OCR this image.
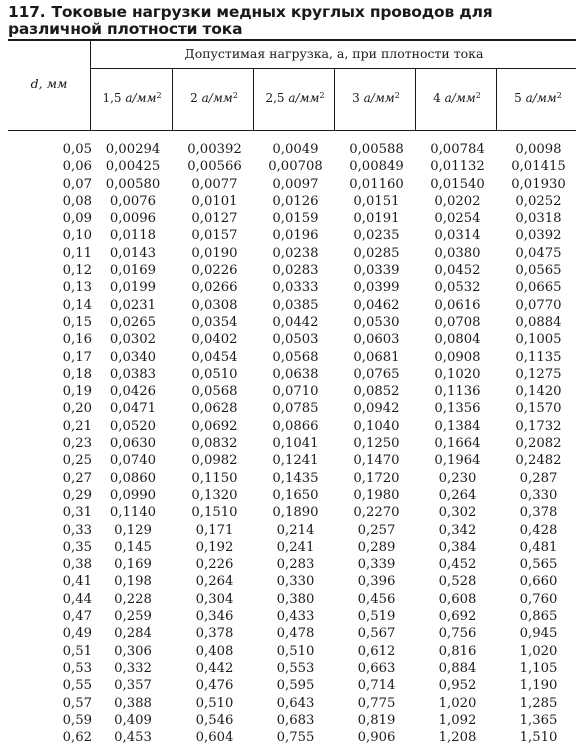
117. Токовые нагрузки медных круглых проводов для различной плотности тока
Допустимая нагрузка, а, при плотности тока
d, мм
1,5 $а/мм^2$	2 $а/мм^2$	2,5 $а/мм^2$	3 $а/мм^2$	4 $а/мм^2$	5 $а/мм^2$
0,05	0,00294	0,00392	0,0049	0,00588	0,00784	0,0098
0,06	0,00425	0,00566	0,00708	0,00849	0,01132	0,01415
0,07	0,00580	0,0077	0,0097	0,01160	0,01540	0,01930
0,08	0,0076	0,0101	0,0126	0,0151	0,0202	0,0252
0,09	0,0096	0,0127	0,0159	0,0191	0,0254	0,0318
0,10	0,0118	0,0157	0,0196	0,0235	0,0314	0,0392
0,11	0,0143	0,0190	0,0238	0,0285	0,0380	0,0475
0,12	0,0169	0,0226	0,0283	0,0339	0,0452	0,0565
0,13	0,0199	0,0266	0,0333	0,0399	0,0532	0,0665
0,14	0,0231	0,0308	0,0385	0,0462	0,0616	0,0770
0,15	0,0265	0,0354	0,0442	0,0530	0,0708	0,0884
0,16	0,0302	0,0402	0,0503	0,0603	0,0804	0,1005
0,17	0,0340	0,0454	0,0568	0,0681	0,0908	0,1135
0,18	0,0383	0,0510	0,0638	0,0765	0,1020	0,1275
0,19	0,0426	0,0568	0,0710	0,0852	0,1136	0,1420
0,20	0,0471	0,0628	0,0785	0,0942	0,1356	0,1570
0,21	0,0520	0,0692	0,0866	0,1040	0,1384	0,1732
0,23	0,0630	0,0832	0,1041	0,1250	0,1664	0,2082
0,25	0,0740	0,0982	0,1241	0,1470	0,1964	0,2482
0,27	0,0860	0,1150	0,1435	0,1720	0,230	0,287
0,29	0,0990	0,1320	0,1650	0,1980	0,264	0,330
0,31	0,1140	0,1510	0,1890	0,2270	0,302	0,378
0,33	0,129	0,171	0,214	0,257	0,342	0,428
0,35	0,145	0,192	0,241	0,289	0,384	0,481
0,38	0,169	0,226	0,283	0,339	0,452	0,565
0,41	0,198	0,264	0,330	0,396	0,528	0,660
0,44	0,228	0,304	0,380	0,456	0,608	0,760
0,47	0,259	0,346	0,433	0,519	0,692	0,865
0,49	0,284	0,378	0,478	0,567	0,756	0,945
0,51	0,306	0,408	0,510	0,612	0,816	1,020
0,53	0,332	0,442	0,553	0,663	0,884	1,105
0,55	0,357	0,476	0,595	0,714	0,952	1,190
0,57	0,388	0,510	0,643	0,775	1,020	1,285
0,59	0,409	0,546	0,683	0,819	1,092	1,365
0,62	0,453	0,604	0,755	0,906	1,208	1,510
